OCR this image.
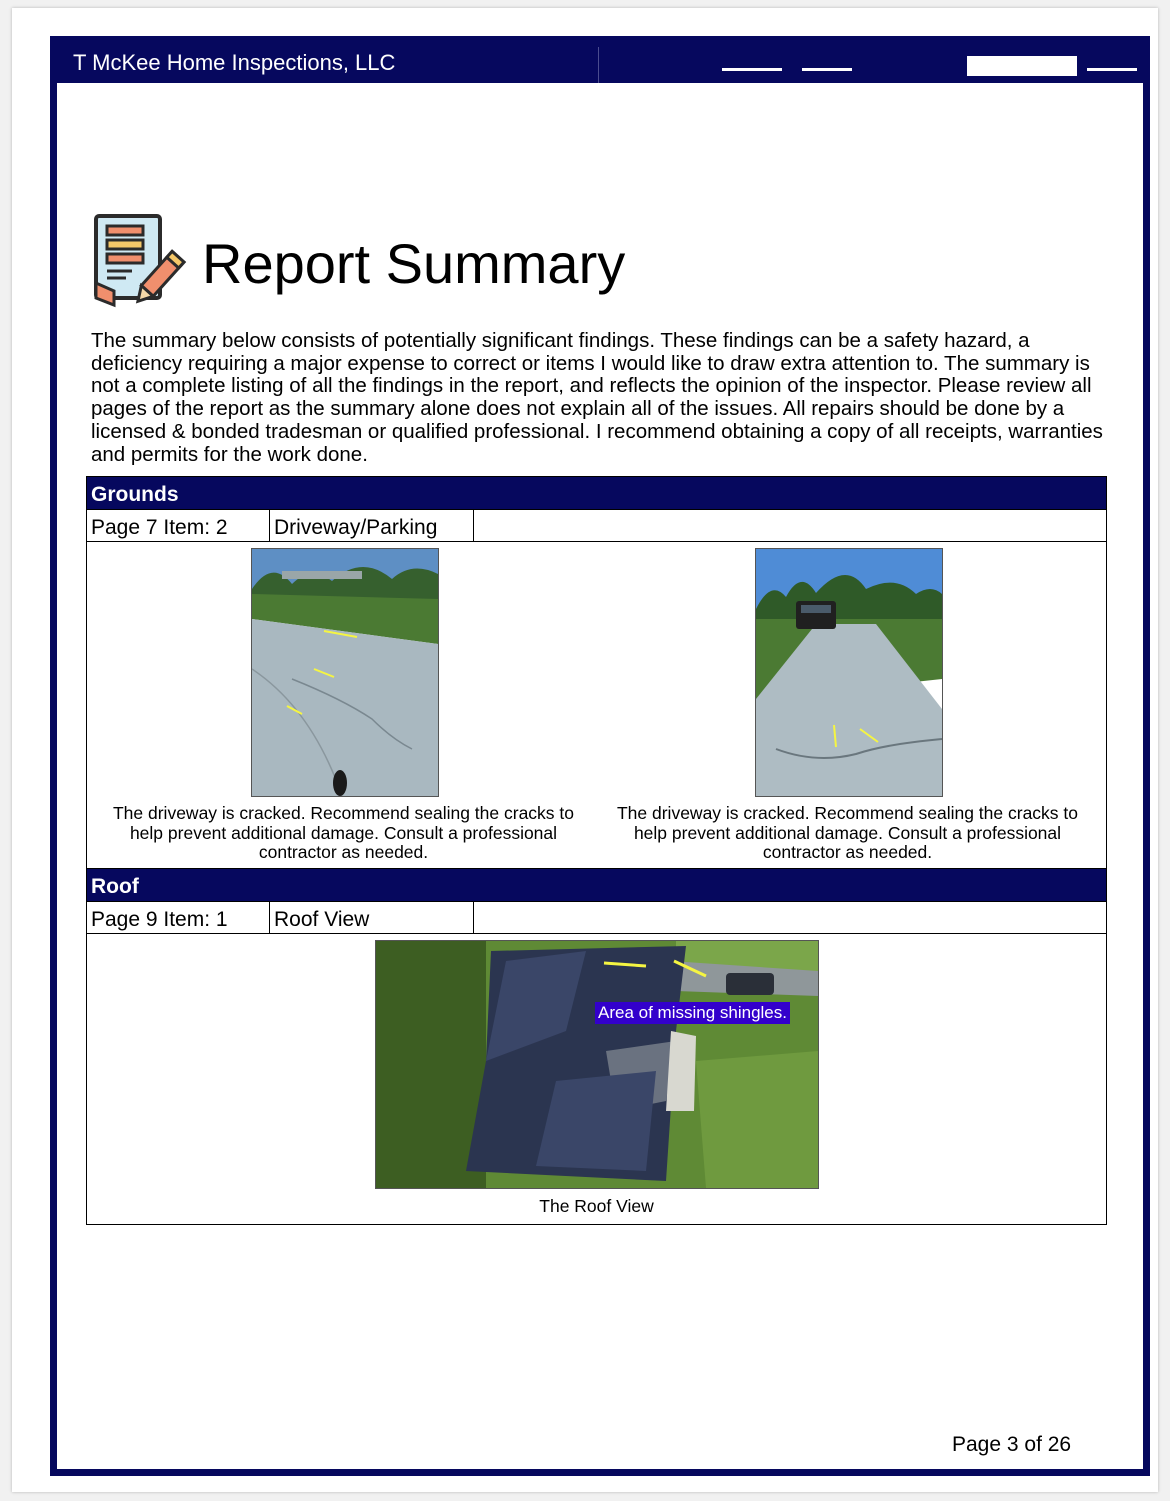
T McKee Home Inspections, LLC
Report Summary
The summary below consists of potentially significant findings. These findings can be a safety hazard, a deficiency requiring a major expense to correct or items I would like to draw extra attention to. The summary is not a complete listing of all the findings in the report, and reflects the opinion of the inspector. Please review all pages of the report as the summary alone does not explain all of the issues. All repairs should be done by a licensed & bonded tradesman or qualified professional. I recommend obtaining a copy of all receipts, warranties and permits for the work done.
Grounds
Page 7 Item: 2	Driveway/Parking
The driveway is cracked. Recommend sealing the cracks to help prevent additional damage. Consult a professional contractor as needed.
The driveway is cracked. Recommend sealing the cracks to help prevent additional damage. Consult a professional contractor as needed.
Roof
Page 9 Item: 1	Roof View
Area of missing shingles.
The Roof View
Page 3 of 26
